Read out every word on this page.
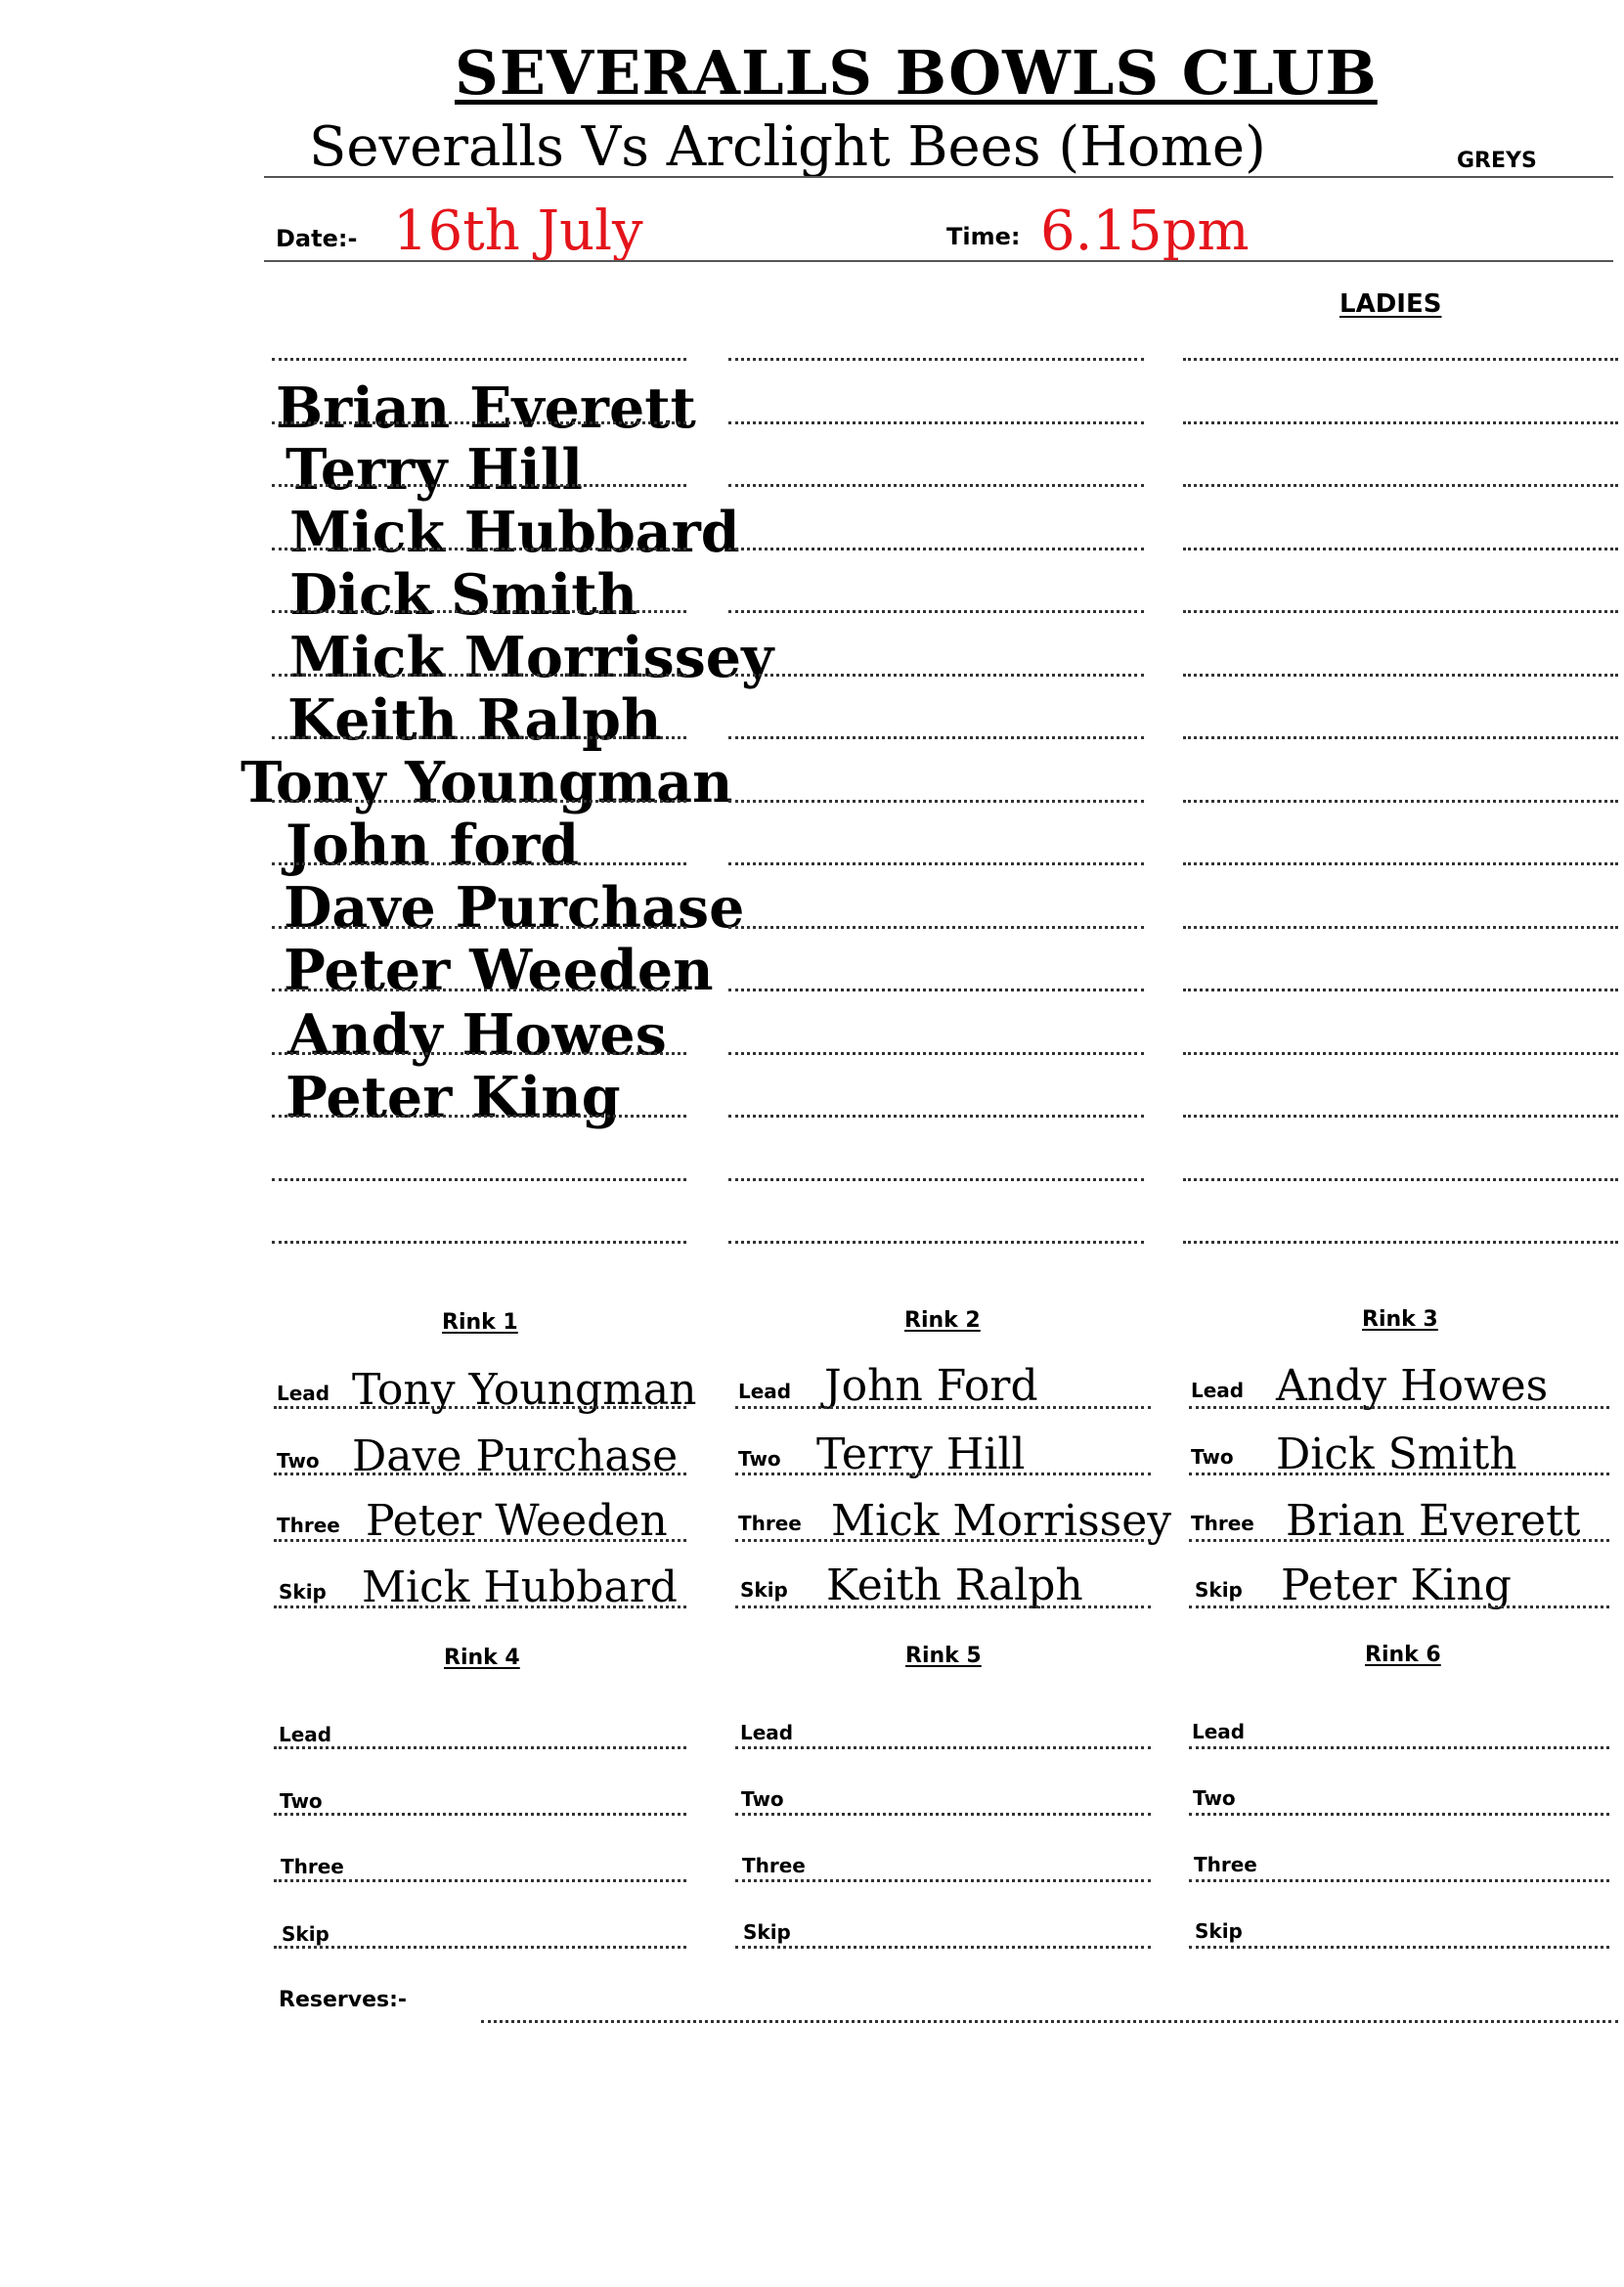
SEVERALLS BOWLS CLUB
Severalls Vs Arclight Bees (Home)	GREYS
Date:- 16th July	Time: 6.15pm
LADIES
Brian Everett
Terry Hill
Mick Hubbard
Dick Smith
Mick Morrissey
Keith Ralph
Tony Youngman
John ford
Dave Purchase
Peter Weeden
Andy Howes
Peter King
Rink 1	Rink 2	Rink 3
Lead Tony Youngman
Two Dave Purchase
Three Peter Weeden
Skip Mick Hubbard
Lead John Ford
Two Terry Hill
Three Mick Morrissey
Skip Keith Ralph
Lead Andy Howes
Two Dick Smith
Three Brian Everett
Skip Peter King
Rink 4	Rink 5	Rink 6
Lead
Two
Three
Skip
Lead
Two
Three
Skip
Lead
Two
Three
Skip
Reserves:-
